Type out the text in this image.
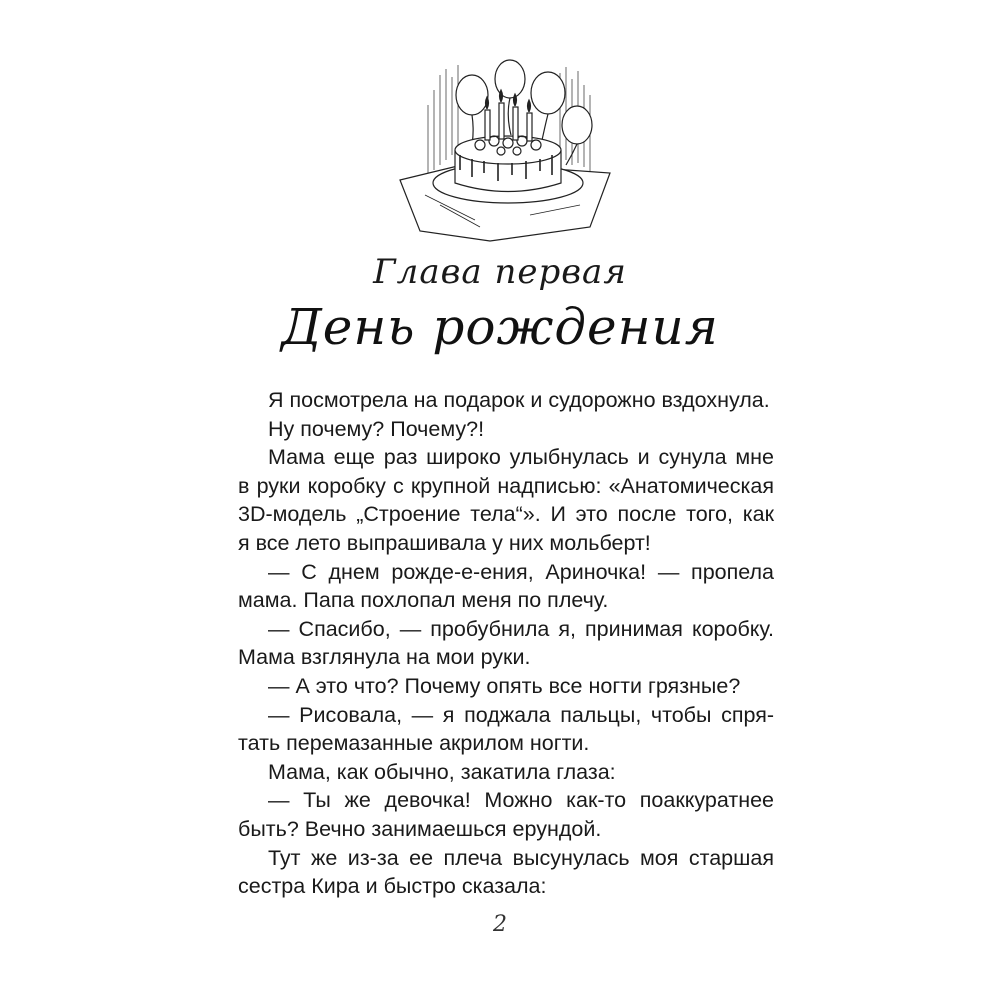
Глава первая
День рождения
Я посмотрела на подарок и судорожно вздохнула.
Ну почему? Почему?!
Мама еще раз широко улыбнулась и сунула мне
в руки коробку с крупной надписью: «Анатомическая
3D-модель „Строение тела“». И это после того, как
я все лето выпрашивала у них мольберт!
— С днем рожде-е-ения, Ариночка! — пропела
мама. Папа похлопал меня по плечу.
— Спасибо, — пробубнила я, принимая коробку.
Мама взглянула на мои руки.
— А это что? Почему опять все ногти грязные?
— Рисовала, — я поджала пальцы, чтобы спря-
тать перемазанные акрилом ногти.
Мама, как обычно, закатила глаза:
— Ты же девочка! Можно как-то поаккуратнее
быть? Вечно занимаешься ерундой.
Тут же из-за ее плеча высунулась моя старшая
сестра Кира и быстро сказала:
2
